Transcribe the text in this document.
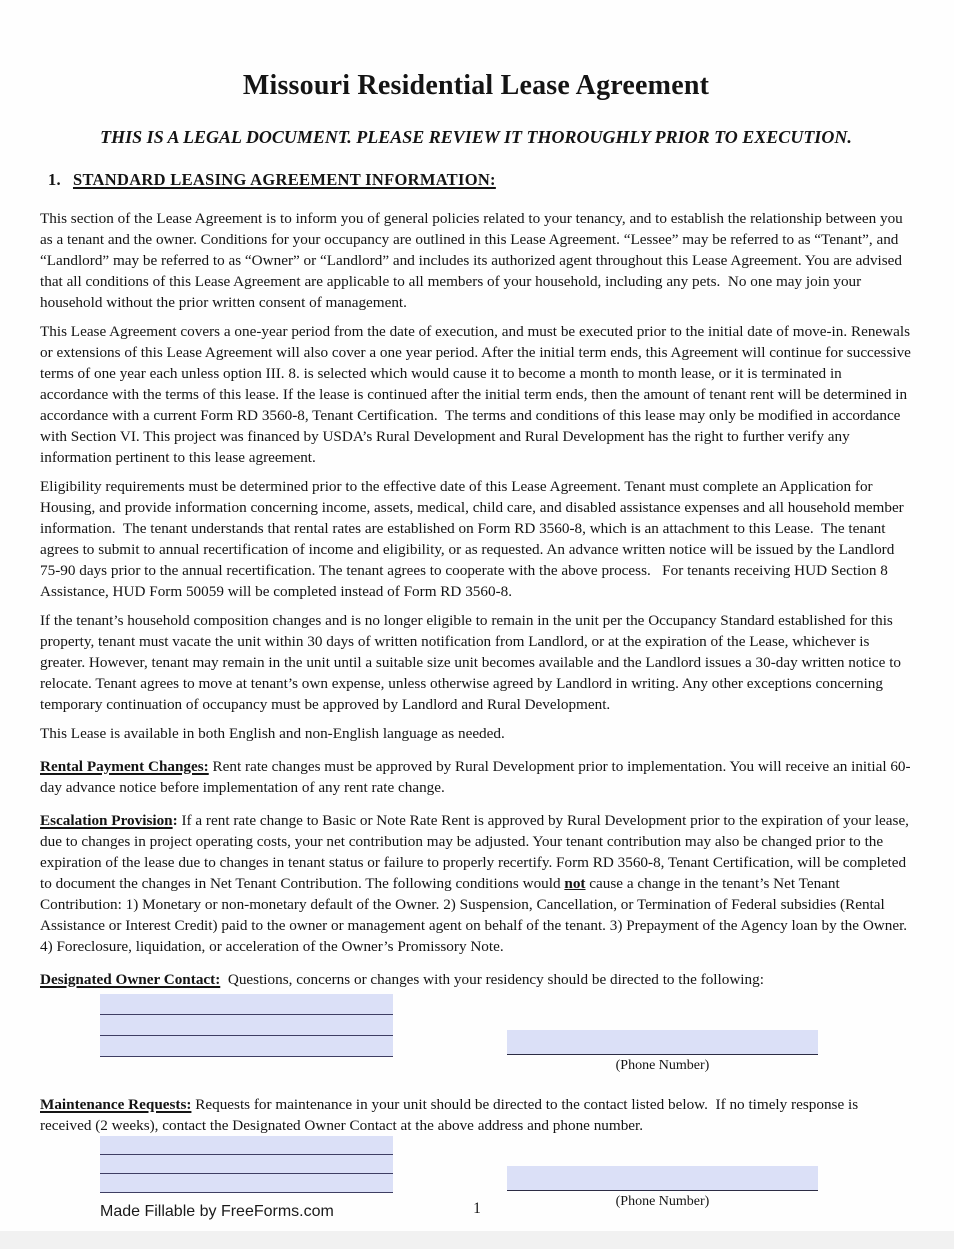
Missouri Residential Lease Agreement
THIS IS A LEGAL DOCUMENT. PLEASE REVIEW IT THOROUGHLY PRIOR TO EXECUTION.
1. STANDARD LEASING AGREEMENT INFORMATION:

This section of the Lease Agreement is to inform you of general policies related to your tenancy, and to establish the relationship between you as a tenant and the owner. Conditions for your occupancy are outlined in this Lease Agreement. “Lessee” may be referred to as “Tenant”, and “Landlord” may be referred to as “Owner” or “Landlord” and includes its authorized agent throughout this Lease Agreement. You are advised that all conditions of this Lease Agreement are applicable to all members of your household, including any pets.  No one may join your household without the prior written consent of management.

This Lease Agreement covers a one-year period from the date of execution, and must be executed prior to the initial date of move-in. Renewals or extensions of this Lease Agreement will also cover a one year period. After the initial term ends, this Agreement will continue for successive terms of one year each unless option III. 8. is selected which would cause it to become a month to month lease, or it is terminated in accordance with the terms of this lease. If the lease is continued after the initial term ends, then the amount of tenant rent will be determined in accordance with a current Form RD 3560-8, Tenant Certification.  The terms and conditions of this lease may only be modified in accordance with Section VI. This project was financed by USDA’s Rural Development and Rural Development has the right to further verify any information pertinent to this lease agreement.

Eligibility requirements must be determined prior to the effective date of this Lease Agreement. Tenant must complete an Application for Housing, and provide information concerning income, assets, medical, child care, and disabled assistance expenses and all household member information.  The tenant understands that rental rates are established on Form RD 3560-8, which is an attachment to this Lease.  The tenant agrees to submit to annual recertification of income and eligibility, or as requested. An advance written notice will be issued by the Landlord 75-90 days prior to the annual recertification. The tenant agrees to cooperate with the above process.   For tenants receiving HUD Section 8 Assistance, HUD Form 50059 will be completed instead of Form RD 3560-8.

If the tenant’s household composition changes and is no longer eligible to remain in the unit per the Occupancy Standard established for this property, tenant must vacate the unit within 30 days of written notification from Landlord, or at the expiration of the Lease, whichever is greater. However, tenant may remain in the unit until a suitable size unit becomes available and the Landlord issues a 30-day written notice to relocate. Tenant agrees to move at tenant’s own expense, unless otherwise agreed by Landlord in writing. Any other exceptions concerning temporary continuation of occupancy must be approved by Landlord and Rural Development.

This Lease is available in both English and non-English language as needed.

Rental Payment Changes: Rent rate changes must be approved by Rural Development prior to implementation. You will receive an initial 60- day advance notice before implementation of any rent rate change.

Escalation Provision: If a rent rate change to Basic or Note Rate Rent is approved by Rural Development prior to the expiration of your lease, due to changes in project operating costs, your net contribution may be adjusted. Your tenant contribution may also be changed prior to the expiration of the lease due to changes in tenant status or failure to properly recertify. Form RD 3560-8, Tenant Certification, will be completed to document the changes in Net Tenant Contribution. The following conditions would not cause a change in the tenant’s Net Tenant Contribution: 1) Monetary or non-monetary default of the Owner. 2) Suspension, Cancellation, or Termination of Federal subsidies (Rental Assistance or Interest Credit) paid to the owner or management agent on behalf of the tenant. 3) Prepayment of the Agency loan by the Owner. 4) Foreclosure, liquidation, or acceleration of the Owner’s Promissory Note.

Designated Owner Contact:  Questions, concerns or changes with your residency should be directed to the following:

(Phone Number)

Maintenance Requests: Requests for maintenance in your unit should be directed to the contact listed below.  If no timely response is received (2 weeks), contact the Designated Owner Contact at the above address and phone number.

(Phone Number)
Made Fillable by FreeForms.com	1
